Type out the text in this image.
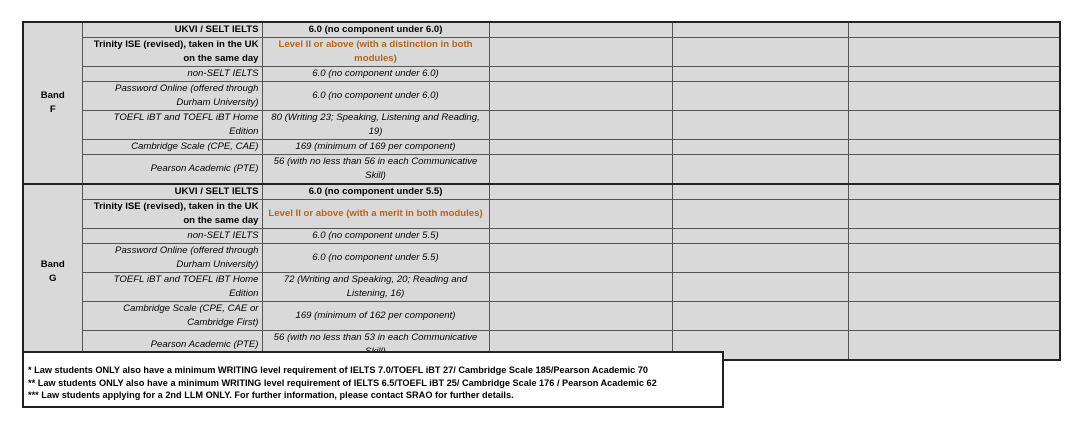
Band
F	UKVI / SELT IELTS	6.0 (no component under 6.0)			
	Trinity ISE (revised), taken in the UK on the same day	Level II or above (with a distinction in both modules)			
	non-SELT IELTS	6.0 (no component under 6.0)			
	Password Online (offered through Durham University)	6.0 (no component under 6.0)			
	TOEFL iBT and TOEFL iBT Home Edition	80 (Writing 23; Speaking, Listening and Reading, 19)			
	Cambridge Scale (CPE, CAE)	169 (minimum of 169 per component)			
	Pearson Academic (PTE)	56 (with no less than 56 in each Communicative Skill)			

Band
G	UKVI / SELT IELTS	6.0 (no component under 5.5)			
	Trinity ISE (revised), taken in the UK on the same day	Level II or above (with a merit in both modules)			
	non-SELT IELTS	6.0 (no component under 5.5)			
	Password Online (offered through Durham University)	6.0 (no component under 5.5)			
	TOEFL iBT and TOEFL iBT Home Edition	72 (Writing and Speaking, 20; Reading and Listening, 16)			
	Cambridge Scale (CPE, CAE or Cambridge First)	169 (minimum of 162 per component)			
	Pearson Academic (PTE)	56 (with no less than 53 in each Communicative			
* Law students ONLY also have a minimum WRITING level requirement of IELTS 7.0/TOEFL iBT 27/ Cambridge Scale 185/Pearson Academic 70
** Law students ONLY also have a minimum WRITING level requirement of IELTS 6.5/TOEFL iBT 25/ Cambridge Scale 176 / Pearson Academic 62
*** Law students applying for a 2nd LLM ONLY. For further information, please contact SRAO for further details.
